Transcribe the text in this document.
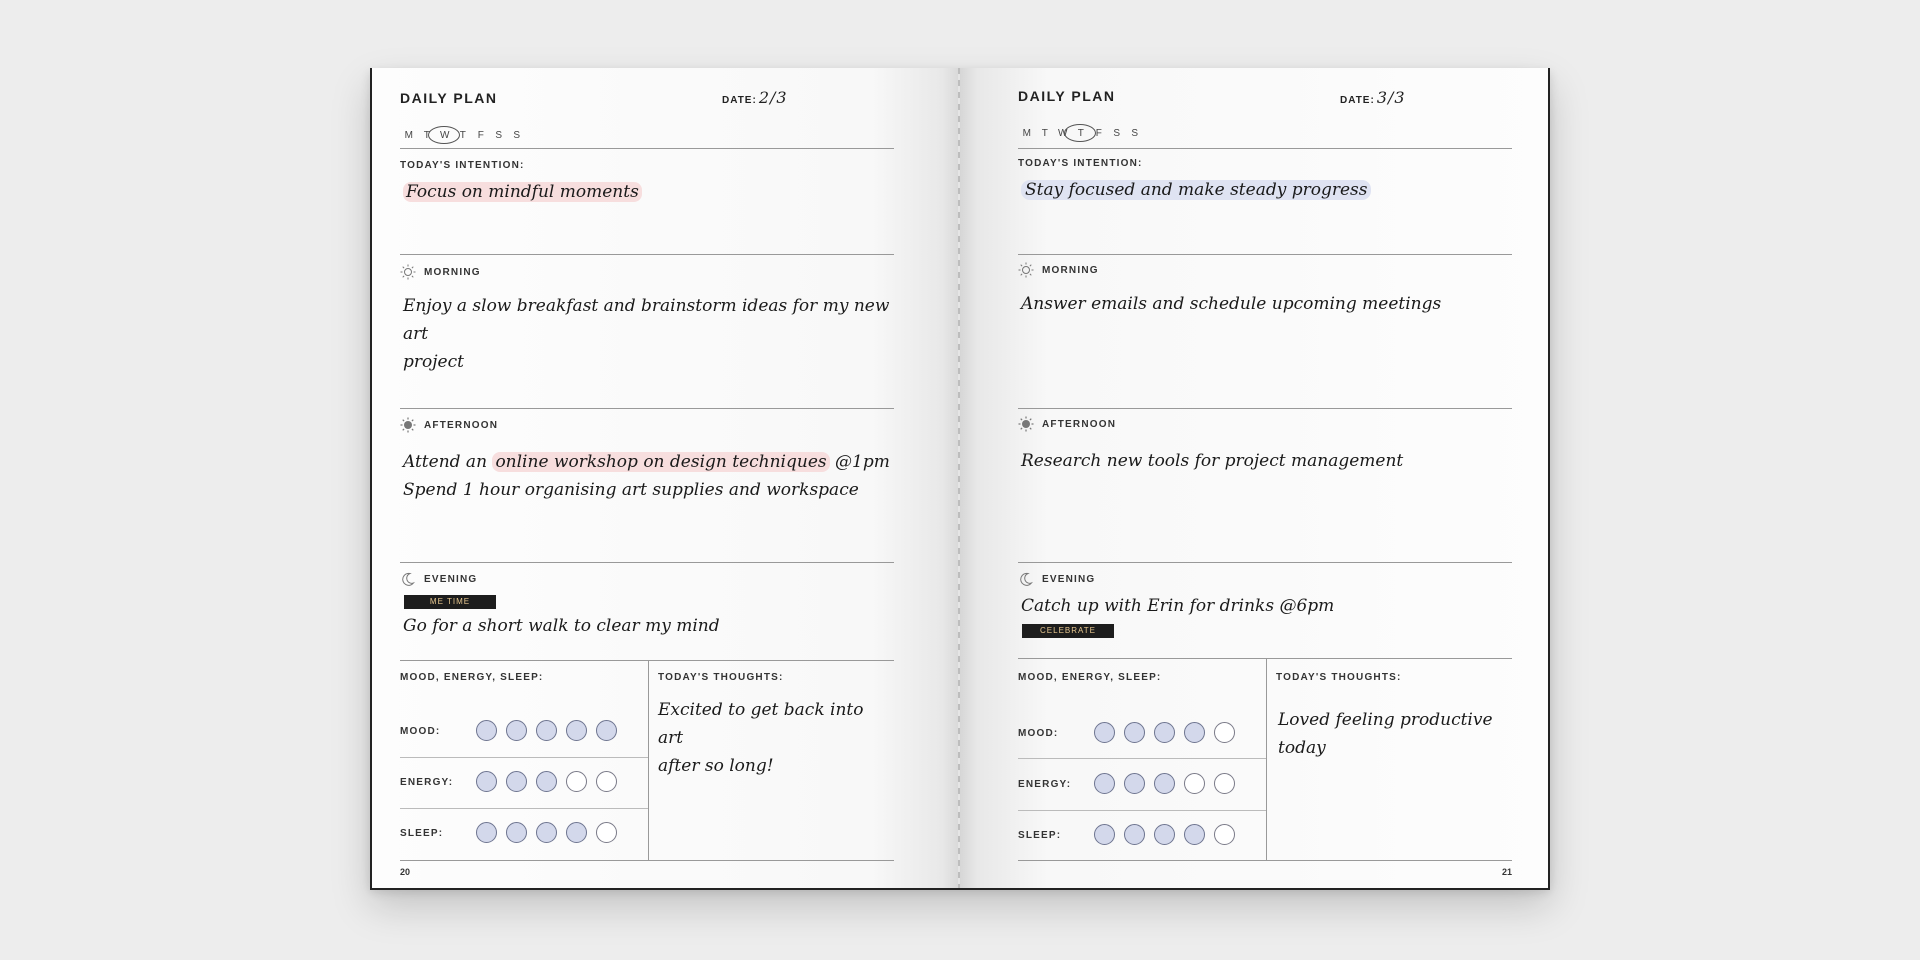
DAILY PLAN	DATE: 2/3
M	T W T	F	S	S
TODAY'S INTENTION:
Focus on mindful moments
MORNING
Enjoy a slow breakfast and brainstorm ideas for my new art
project
AFTERNOON
Attend an online workshop on design techniques @1pm
Spend 1 hour organising art supplies and workspace
EVENING
ME TIME
Go for a short walk to clear my mind
MOOD, ENERGY, SLEEP:	TODAY'S THOUGHTS:
Excited to get back into art
after so long!
MOOD:
ENERGY:
SLEEP:
20
DAILY PLAN	DATE: 3/3
M	T W T	F	S	S
TODAY'S INTENTION:
Stay focused and make steady progress
MORNING
Answer emails and schedule upcoming meetings
AFTERNOON
Research new tools for project management
EVENING
Catch up with Erin for drinks @6pm
CELEBRATE
MOOD, ENERGY, SLEEP:	TODAY'S THOUGHTS:
Loved feeling productive
today
MOOD:
ENERGY:
SLEEP:
21
